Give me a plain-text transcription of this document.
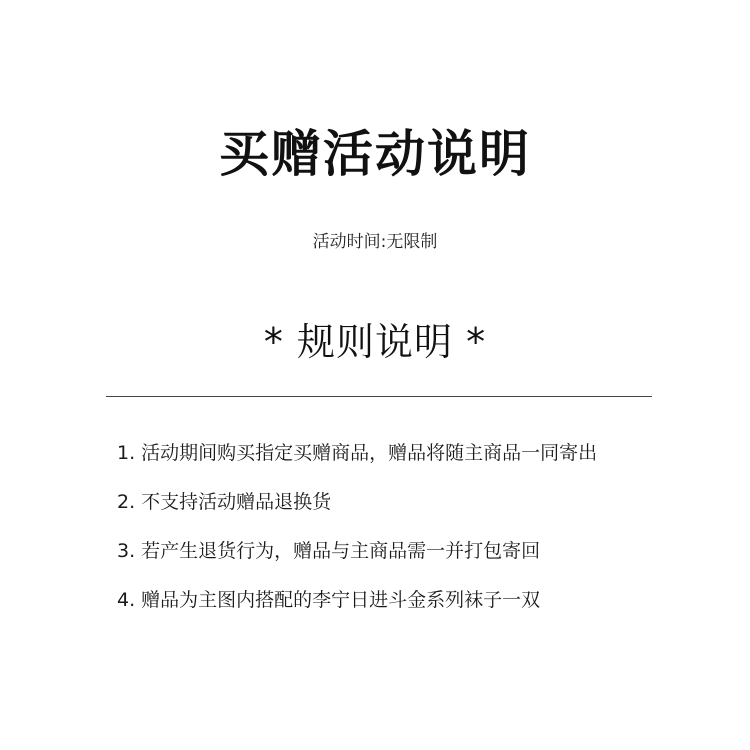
买赠活动说明
活动时间:无限制
* 规则说明 *
1. 活动期间购买指定买赠商品，赠品将随主商品一同寄出
2. 不支持活动赠品退换货
3. 若产生退货行为，赠品与主商品需一并打包寄回
4. 赠品为主图内搭配的李宁日进斗金系列袜子一双
